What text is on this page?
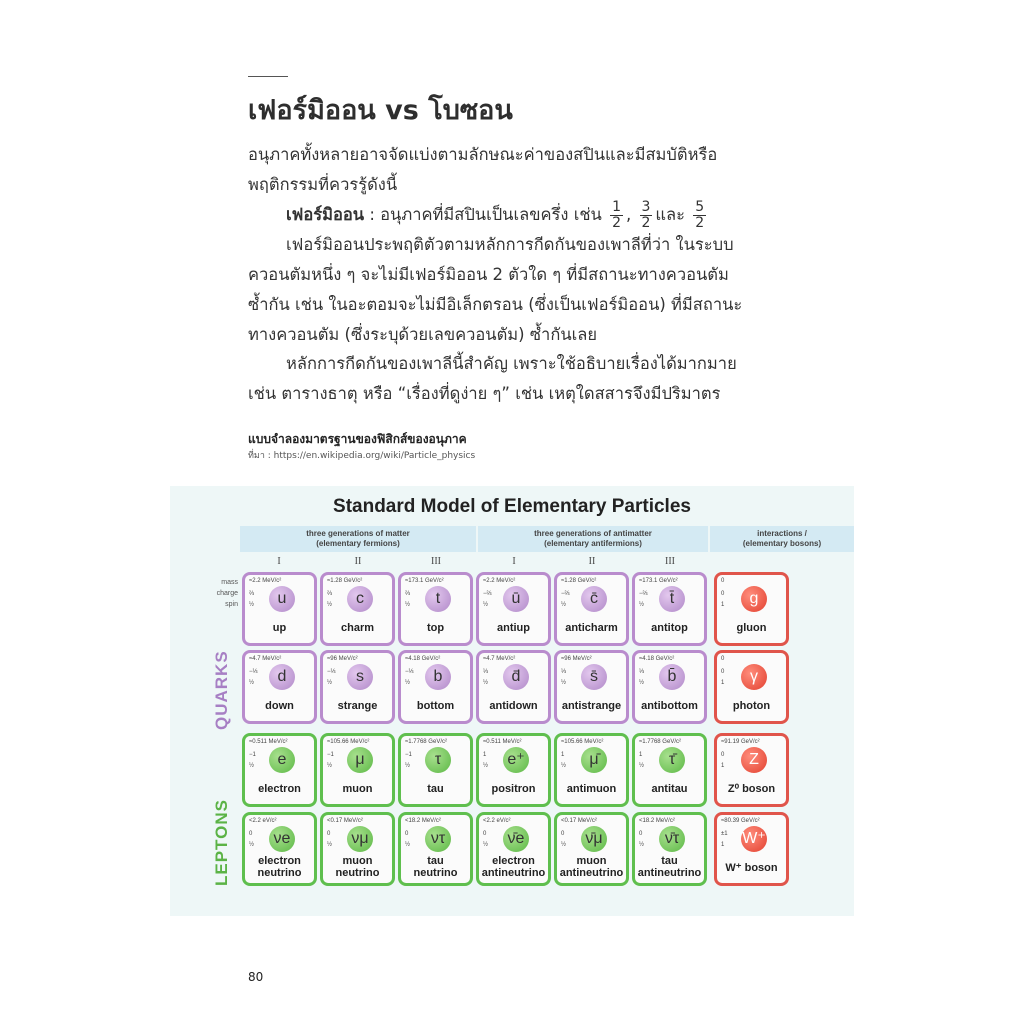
เฟอร์มิออน vs โบซอน
อนุภาคทั้งหลายอาจจัดแบ่งตามลักษณะค่าของสปินและมีสมบัติหรือ
พฤติกรรมที่ควรรู้ดังนี้
เฟอร์มิออน : อนุภาคที่มีสปินเป็นเลขครึ่ง เช่น $\frac{1}{2}$ , $\frac{3}{2}$ และ $\frac{5}{2}$
เฟอร์มิออนประพฤติตัวตามหลักการกีดกันของเพาลีที่ว่า ในระบบ
ควอนตัมหนึ่ง ๆ จะไม่มีเฟอร์มิออน 2 ตัวใด ๆ ที่มีสถานะทางควอนตัม
ซ้ำกัน เช่น ในอะตอมจะไม่มีอิเล็กตรอน (ซึ่งเป็นเฟอร์มิออน) ที่มีสถานะ
ทางควอนตัม (ซึ่งระบุด้วยเลขควอนตัม) ซ้ำกันเลย
หลักการกีดกันของเพาลีนี้สำคัญ เพราะใช้อธิบายเรื่องได้มากมาย
เช่น ตารางธาตุ หรือ “เรื่องที่ดูง่าย ๆ” เช่น เหตุใดสสารจึงมีปริมาตร
แบบจำลองมาตรฐานของฟิสิกส์ของอนุภาค
ที่มา : https://en.wikipedia.org/wiki/Particle_physics
Standard Model of Elementary Particles
three generations of matter
(elementary fermions)
three generations of antimatter
(elementary antifermions)
interactions /
(elementary bosons)
I	II	III	I	II	III
mass
charge
spin
QUARKS
LEPTONS
≈2.2 MeV/c²
⅔
½	u
up
≈1.28 GeV/c²
⅔
½	c
charm
≈173.1 GeV/c²
⅔
½	t
top
≈2.2 MeV/c²
−⅔
½	ū
antiup
≈1.28 GeV/c²
−⅔
½	c̄
anticharm
≈173.1 GeV/c²
−⅔
½	t̄
antitop
0
0
1	g
gluon
≈4.7 MeV/c²
−⅓
½	d
down
≈96 MeV/c²
−⅓
½	s
strange
≈4.18 GeV/c²
−⅓
½	b
bottom
≈4.7 MeV/c²
⅓
½	d̄
antidown
≈96 MeV/c²
⅓
½	s̄
antistrange
≈4.18 GeV/c²
⅓
½	b̄
antibottom
0
0
1	γ
photon
≈0.511 MeV/c²
−1
½	e
electron
≈105.66 MeV/c²
−1
½	μ
muon
≈1.7768 GeV/c²
−1
½	τ
tau
≈0.511 MeV/c²
1
½ e⁺
positron
≈105.66 MeV/c²
1
½	μ̄
antimuon
≈1.7768 GeV/c²
1
½	τ̄
antitau
≈91.19 GeV/c²
0
1	Z
Z⁰ boson
<2.2 eV/c²
0
½ νe
electron
neutrino
<0.17 MeV/c²
0
½ νμ
muon
neutrino
<18.2 MeV/c²
0
½	ντ
tau
neutrino
<2.2 eV/c²
0
½ ν̄e
electron
antineutrino
<0.17 MeV/c²
0
½ ν̄μ
muon
antineutrino
<18.2 MeV/c²
0
½	ν̄τ
tau
antineutrino
≈80.39 GeV/c²
±1
1 W⁺
W⁺ boson
80
